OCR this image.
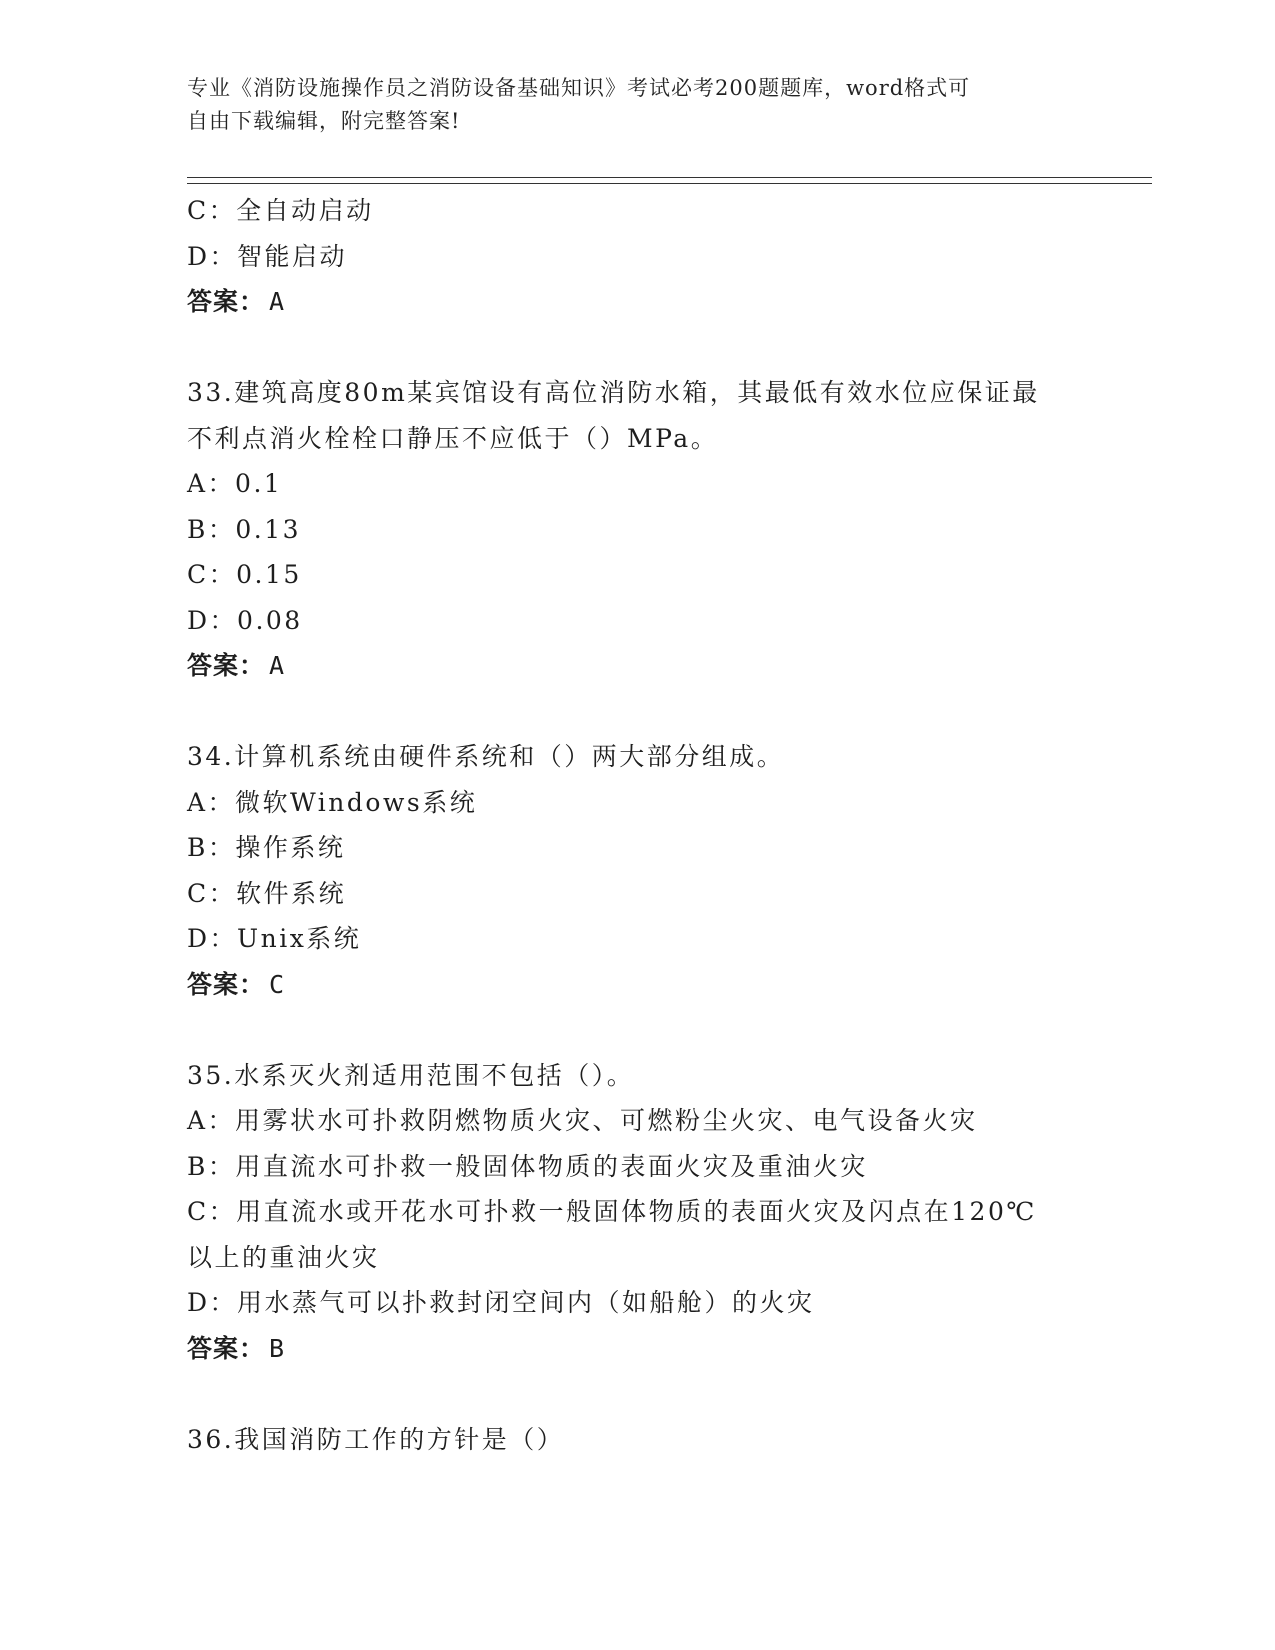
专业《消防设施操作员之消防设备基础知识》考试必考200题题库，word格式可
自由下载编辑，附完整答案!
C：全自动启动
D：智能启动
答案： A
33.建筑高度80m某宾馆设有高位消防水箱，其最低有效水位应保证最
不利点消火栓栓口静压不应低于（）MPa。
A：0.1
B：0.13
C：0.15
D：0.08
答案： A
34.计算机系统由硬件系统和（）两大部分组成。
A：微软Windows系统
B：操作系统
C：软件系统
D：Unix系统
答案： C
35.水系灭火剂适用范围不包括（）。
A：用雾状水可扑救阴燃物质火灾、可燃粉尘火灾、电气设备火灾
B：用直流水可扑救一般固体物质的表面火灾及重油火灾
C：用直流水或开花水可扑救一般固体物质的表面火灾及闪点在120℃
以上的重油火灾
D：用水蒸气可以扑救封闭空间内（如船舱）的火灾
答案： B
36.我国消防工作的方针是（）
